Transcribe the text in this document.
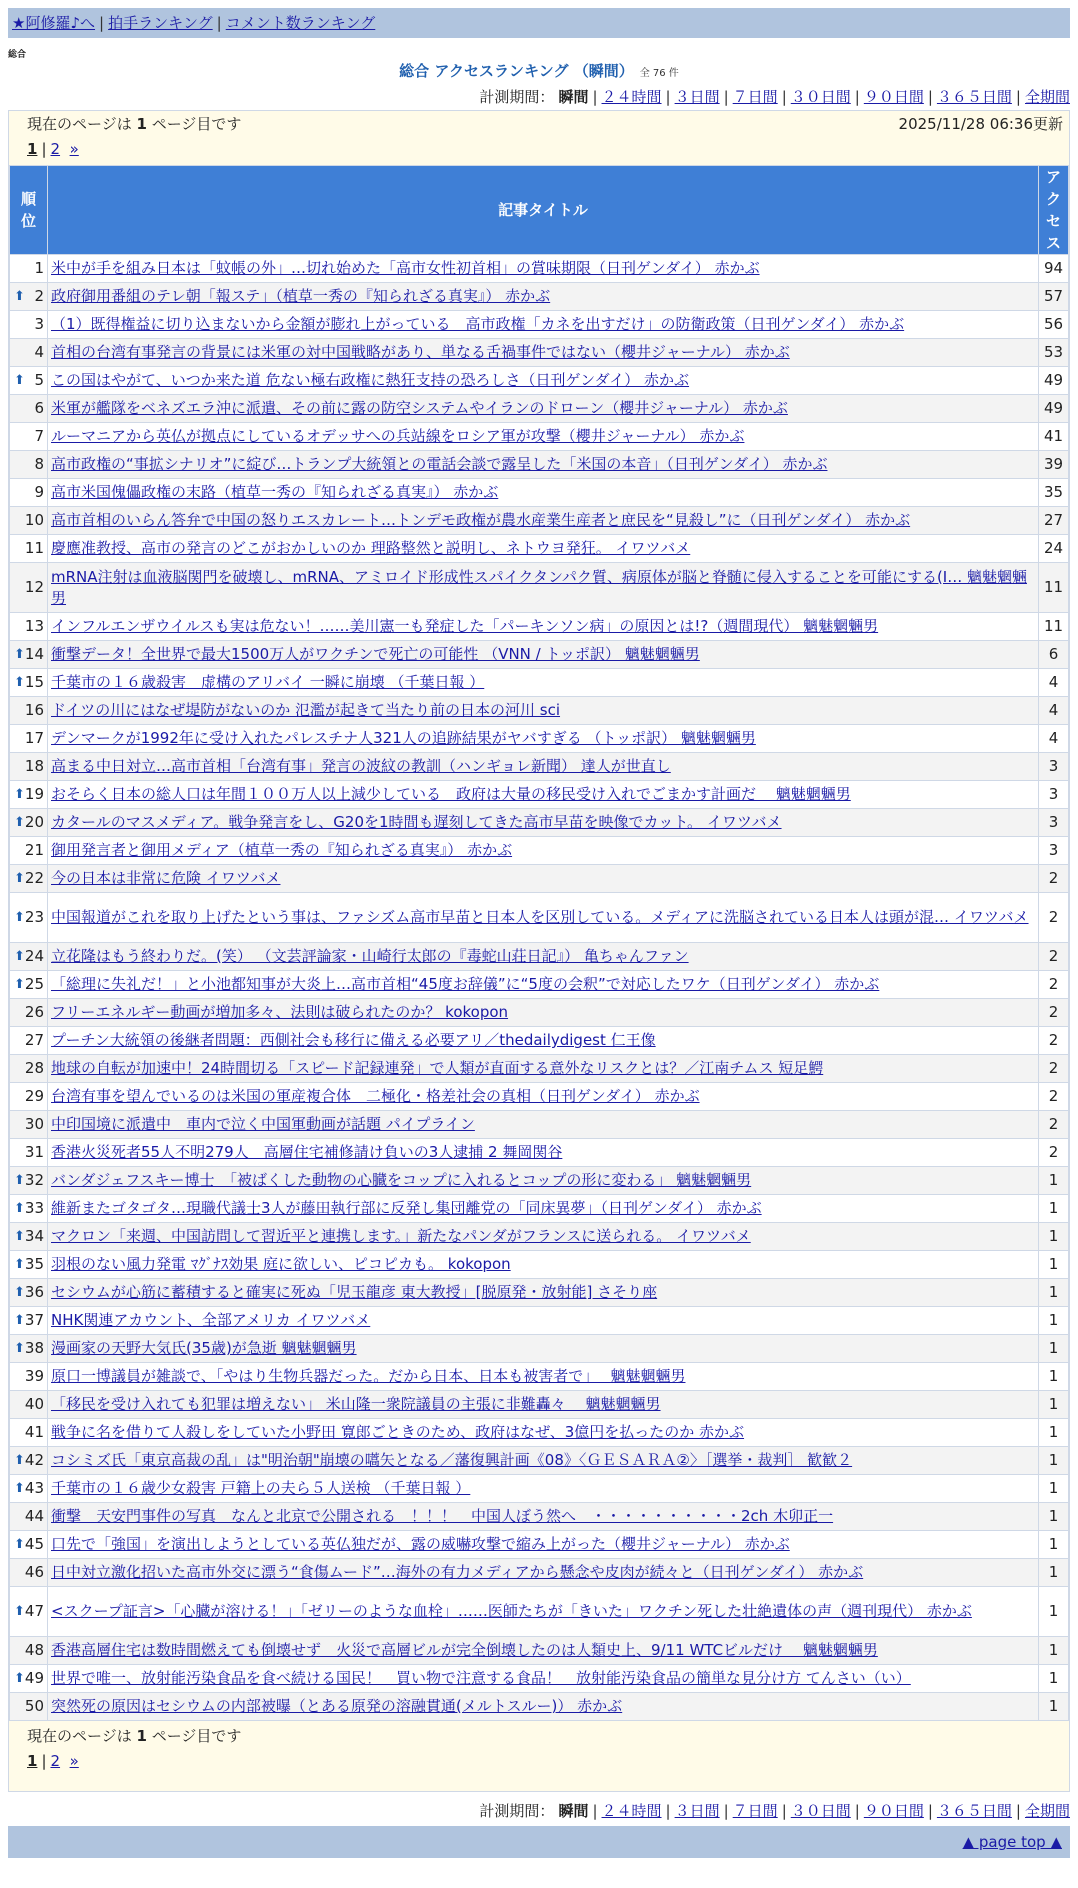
★阿修羅♪へ | 拍手ランキング | コメント数ランキング
総合
総合 アクセスランキング （瞬間） 全 76 件
計測期間： 瞬間 | ２４時間 | ３日間 | ７日間 | ３０日間 | ９０日間 | ３６５日間 | 全期間
現在のページは 1 ページ目です	2025/11/28 06:36更新
1 | 2 »
順位	記事タイトル	アクセス
1	米中が手を組み日本は「蚊帳の外」…切れ始めた「高市女性初首相」の賞味期限（日刊ゲンダイ） 赤かぶ	94

⬆ 2	政府御用番組のテレ朝「報ステ」（植草一秀の『知られざる真実』） 赤かぶ	57
3	（1）既得権益に切り込まないから金額が膨れ上がっている　高市政権「カネを出すだけ」の防衛政策（日刊ゲンダイ） 赤かぶ	56
4	首相の台湾有事発言の背景には米軍の対中国戦略があり、単なる舌禍事件ではない（櫻井ジャーナル） 赤かぶ	53

⬆ 5	この国はやがて、いつか来た道 危ない極右政権に熱狂支持の恐ろしさ（日刊ゲンダイ） 赤かぶ	49
6	米軍が艦隊をベネズエラ沖に派遣、その前に露の防空システムやイランのドローン（櫻井ジャーナル） 赤かぶ	49
7	ルーマニアから英仏が拠点にしているオデッサへの兵站線をロシア軍が攻撃（櫻井ジャーナル） 赤かぶ	41
8	高市政権の“事拡シナリオ”に綻び…トランプ大統領との電話会談で露呈した「米国の本音」（日刊ゲンダイ） 赤かぶ	39
9	高市米国傀儡政権の末路（植草一秀の『知られざる真実』） 赤かぶ	35
10	高市首相のいらん答弁で中国の怒りエスカレート…トンデモ政権が農水産業生産者と庶民を“見殺し”に（日刊ゲンダイ） 赤かぶ	27
11	慶應准教授、高市の発言のどこがおかしいのか 理路整然と説明し、ネトウヨ発狂。 イワツバメ	24
12	mRNA注射は血液脳関門を破壊し、mRNA、アミロイド形成性スパイクタンパク質、病原体が脳と脊髄に侵入することを可能にする(I… 魑魅魍魎男	11
13	インフルエンザウイルスも実は危ない！……美川憲一も発症した「パーキンソン病」の原因とは!?（週間現代） 魑魅魍魎男	11

⬆ 14	衝撃データ！全世界で最大1500万人がワクチンで死亡の可能性 （VNN / トッポ訳） 魑魅魍魎男	6

⬆ 15	千葉市の１６歳殺害　虚構のアリバイ 一瞬に崩壊 （千葉日報 ）	4
16	ドイツの川にはなぜ堤防がないのか 氾濫が起きて当たり前の日本の河川 sci	4
17	デンマークが1992年に受け入れたパレスチナ人321人の追跡結果がヤバすぎる （トッポ訳） 魑魅魍魎男	4
18	高まる中日対立…高市首相「台湾有事」発言の波紋の教訓（ハンギョレ新聞） 達人が世直し	3

⬆ 19	おそらく日本の総人口は年間１００万人以上減少している　政府は大量の移民受け入れでごまかす計画だ　 魑魅魍魎男	3

⬆ 20	カタールのマスメディア。戦争発言をし、G20を1時間も遅刻してきた高市早苗を映像でカット。 イワツバメ	3
21	御用発言者と御用メディア（植草一秀の『知られざる真実』） 赤かぶ	3

⬆ 22	今の日本は非常に危険 イワツバメ	2

⬆ 23	中国報道がこれを取り上げたという事は、ファシズム高市早苗と日本人を区別している。メディアに洗脳されている日本人は頭が混… イワツバメ	2

⬆ 24	立花隆はもう終わりだ。(笑） （文芸評論家・山崎行太郎の『毒蛇山荘日記』） 亀ちゃんファン	2

⬆ 25	「総理に失礼だ！」と小池都知事が大炎上…高市首相“45度お辞儀”に“5度の会釈”で対応したワケ（日刊ゲンダイ） 赤かぶ	2
26	フリーエネルギー動画が増加多々、法則は破られたのか？ kokopon	2
27	プーチン大統領の後継者問題：西側社会も移行に備える必要アリ／thedailydigest 仁王像	2
28	地球の自転が加速中！24時間切る「スピード記録連発」で人類が直面する意外なリスクとは？／江南チムス 短足鰐	2
29	台湾有事を望んでいるのは米国の軍産複合体　二極化・格差社会の真相（日刊ゲンダイ） 赤かぶ	2
30	中印国境に派遣中　車内で泣く中国軍動画が話題 パイプライン	2
31	香港火災死者55人不明279人　高層住宅補修請け負いの3人逮捕 2 舞岡関谷	2

⬆ 32	バンダジェフスキー博士　「被ばくした動物の心臓をコップに入れるとコップの形に変わる」 魑魅魍魎男	1

⬆ 33	維新またゴタゴタ…現職代議士3人が藤田執行部に反発し集団離党の「同床異夢」（日刊ゲンダイ） 赤かぶ	1

⬆ 34	マクロン「来週、中国訪問して習近平と連携します。」新たなパンダがフランスに送られる。 イワツバメ	1

⬆ 35	羽根のない風力発電 ﾏｸﾞﾅｽ効果 庭に欲しい、ピコピカも。 kokopon	1

⬆ 36	セシウムが心筋に蓄積すると確実に死ぬ「児玉龍彦 東大教授」[脱原発・放射能] さそり座	1

⬆ 37	NHK関連アカウント、全部アメリカ イワツバメ	1

⬆ 38	漫画家の天野大気氏(35歳)が急逝 魑魅魍魎男	1
39	原口一博議員が雑談で、「やはり生物兵器だった。だから日本、日本も被害者で」　 魑魅魍魎男	1
40	「移民を受け入れても犯罪は増えない」 米山隆一衆院議員の主張に非難轟々 　魑魅魍魎男	1
41	戦争に名を借りて人殺しをしていた小野田 寛郎ごときのため、政府はなぜ、3億円を払ったのか 赤かぶ	1

⬆ 42	コシミズ氏「東京高裁の乱」は"明治朝"崩壊の嚆矢となる／藩復興計画《08》〈ＧＥＳＡＲＡ②〉［選挙・裁判］ 歓歓２	1

⬆ 43	千葉市の１６歳少女殺害 戸籍上の夫ら５人送検 （千葉日報 ）	1
44	衝撃　天安門事件の写真　なんと北京で公開される　！！！　中国人ぼう然へ　・・・・・・・・・・2ch 木卯正一	1

⬆ 45	口先で「強国」を演出しようとしている英仏独だが、露の威嚇攻撃で縮み上がった（櫻井ジャーナル） 赤かぶ	1
46	日中対立激化招いた高市外交に漂う“食傷ムード”…海外の有力メディアから懸念や皮肉が続々と（日刊ゲンダイ） 赤かぶ	1

⬆ 47	<スクープ証言>「心臓が溶ける！」「ゼリーのような血栓」……医師たちが「きいた」ワクチン死した壮絶遺体の声（週刊現代） 赤かぶ	1
48	香港高層住宅は数時間燃えても倒壊せず　火災で高層ビルが完全倒壊したのは人類史上、9/11 WTCビルだけ　 魑魅魍魎男	1

⬆ 49	世界で唯一、放射能汚染食品を食べ続ける国民！　買い物で注意する食品！　放射能汚染食品の簡単な見分け方 てんさい（い）	1
50	突然死の原因はセシウムの内部被曝（とある原発の溶融貫通(メルトスルー)） 赤かぶ	1
現在のページは 1 ページ目です
1 | 2 »
計測期間： 瞬間 | ２４時間 | ３日間 | ７日間 | ３０日間 | ９０日間 | ３６５日間 | 全期間
▲ page top ▲
